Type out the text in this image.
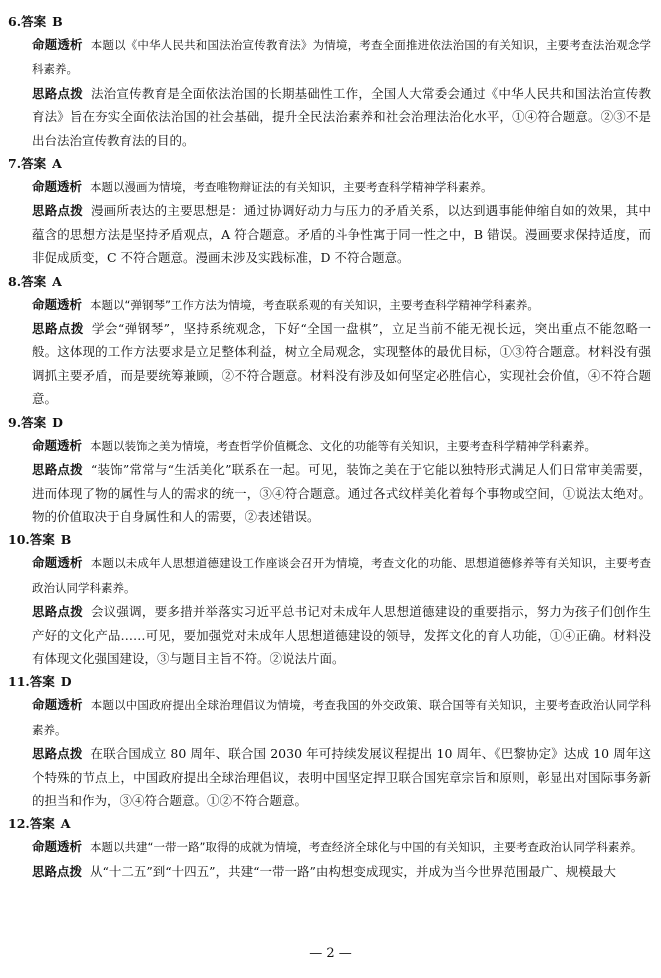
6.答案 B
命题透析 本题以《中华人民共和国法治宣传教育法》为情境，考查全面推进依法治国的有关知识，主要考查法治观念学科素养。
思路点拨 法治宣传教育是全面依法治国的长期基础性工作，全国人大常委会通过《中华人民共和国法治宣传教育法》旨在夯实全面依法治国的社会基础，提升全民法治素养和社会治理法治化水平，①④符合题意。②③不是出台法治宣传教育法的目的。
7.答案 A
命题透析 本题以漫画为情境，考查唯物辩证法的有关知识，主要考查科学精神学科素养。
思路点拨 漫画所表达的主要思想是：通过协调好动力与压力的矛盾关系，以达到遇事能伸缩自如的效果，其中蕴含的思想方法是坚持矛盾观点，A 符合题意。矛盾的斗争性寓于同一性之中，B 错误。漫画要求保持适度，而非促成质变，C 不符合题意。漫画未涉及实践标准，D 不符合题意。
8.答案 A
命题透析 本题以“弹钢琴”工作方法为情境，考查联系观的有关知识，主要考查科学精神学科素养。
思路点拨 学会“弹钢琴”，坚持系统观念，下好“全国一盘棋”，立足当前不能无视长远，突出重点不能忽略一般。这体现的工作方法要求是立足整体利益，树立全局观念，实现整体的最优目标，①③符合题意。材料没有强调抓主要矛盾，而是要统筹兼顾，②不符合题意。材料没有涉及如何坚定必胜信心，实现社会价值，④不符合题意。
9.答案 D
命题透析 本题以装饰之美为情境，考查哲学价值概念、文化的功能等有关知识，主要考查科学精神学科素养。
思路点拨 “装饰”常常与“生活美化”联系在一起。可见，装饰之美在于它能以独特形式满足人们日常审美需要，进而体现了物的属性与人的需求的统一，③④符合题意。通过各式纹样美化着每个事物或空间，①说法太绝对。物的价值取决于自身属性和人的需要，②表述错误。
10.答案 B
命题透析 本题以未成年人思想道德建设工作座谈会召开为情境，考查文化的功能、思想道德修养等有关知识，主要考查政治认同学科素养。
思路点拨 会议强调，要多措并举落实习近平总书记对未成年人思想道德建设的重要指示，努力为孩子们创作生产好的文化产品……可见，要加强党对未成年人思想道德建设的领导，发挥文化的育人功能，①④正确。材料没有体现文化强国建设，③与题目主旨不符。②说法片面。
11.答案 D
命题透析 本题以中国政府提出全球治理倡议为情境，考查我国的外交政策、联合国等有关知识，主要考查政治认同学科素养。
思路点拨 在联合国成立 80 周年、联合国 2030 年可持续发展议程提出 10 周年、《巴黎协定》达成 10 周年这个特殊的节点上，中国政府提出全球治理倡议，表明中国坚定捍卫联合国宪章宗旨和原则，彰显出对国际事务新的担当和作为，③④符合题意。①②不符合题意。
12.答案 A
命题透析 本题以共建“一带一路”取得的成就为情境，考查经济全球化与中国的有关知识，主要考查政治认同学科素养。
思路点拨 从“十二五”到“十四五”，共建“一带一路”由构想变成现实，并成为当今世界范围最广、规模最大
— 2 —
